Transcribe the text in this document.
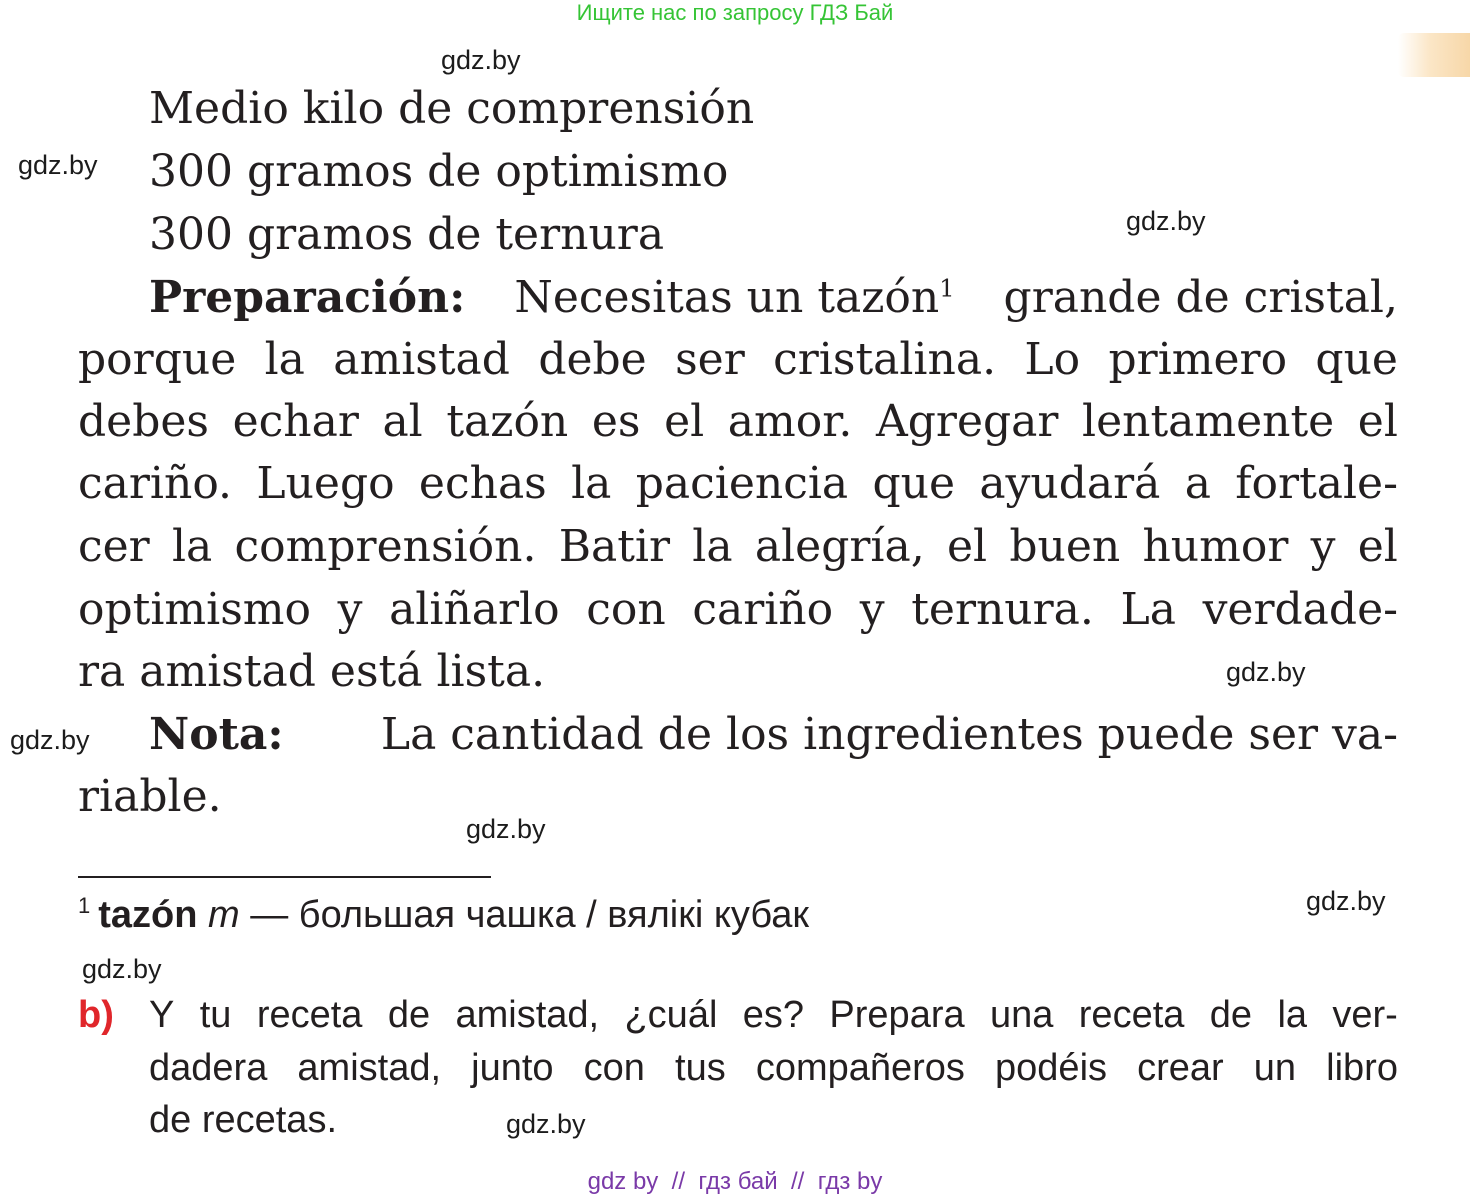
Ищите нас по запросу ГДЗ Бай
gdz.by
gdz.by
gdz.by
gdz.by
gdz.by
gdz.by
gdz.by
gdz.by
gdz.by
Medio kilo de comprensión
300 gramos de optimismo
300 gramos de ternura
Preparación: Necesitas un tazón$^1$ grande de cristal,
porque la amistad debe ser cristalina. Lo primero que
debes echar al tazón es el amor. Agregar lentamente el
cariño. Luego echas la paciencia que ayudará a fortale-
cer la comprensión. Batir la alegría, el buen humor y el
optimismo y aliñarlo con cariño y ternura. La verdade-
ra amistad está lista.
Nota: La cantidad de los ingredientes puede ser va-
riable.
$^1$ tazón m — большая чашка / вялікі кубак
b) Y tu receta de amistad, ¿cuál es? Prepara una receta de la ver-
dadera amistad, junto con tus compañeros podéis crear un libro
de recetas.
gdz by // гдз бай // гдз by
